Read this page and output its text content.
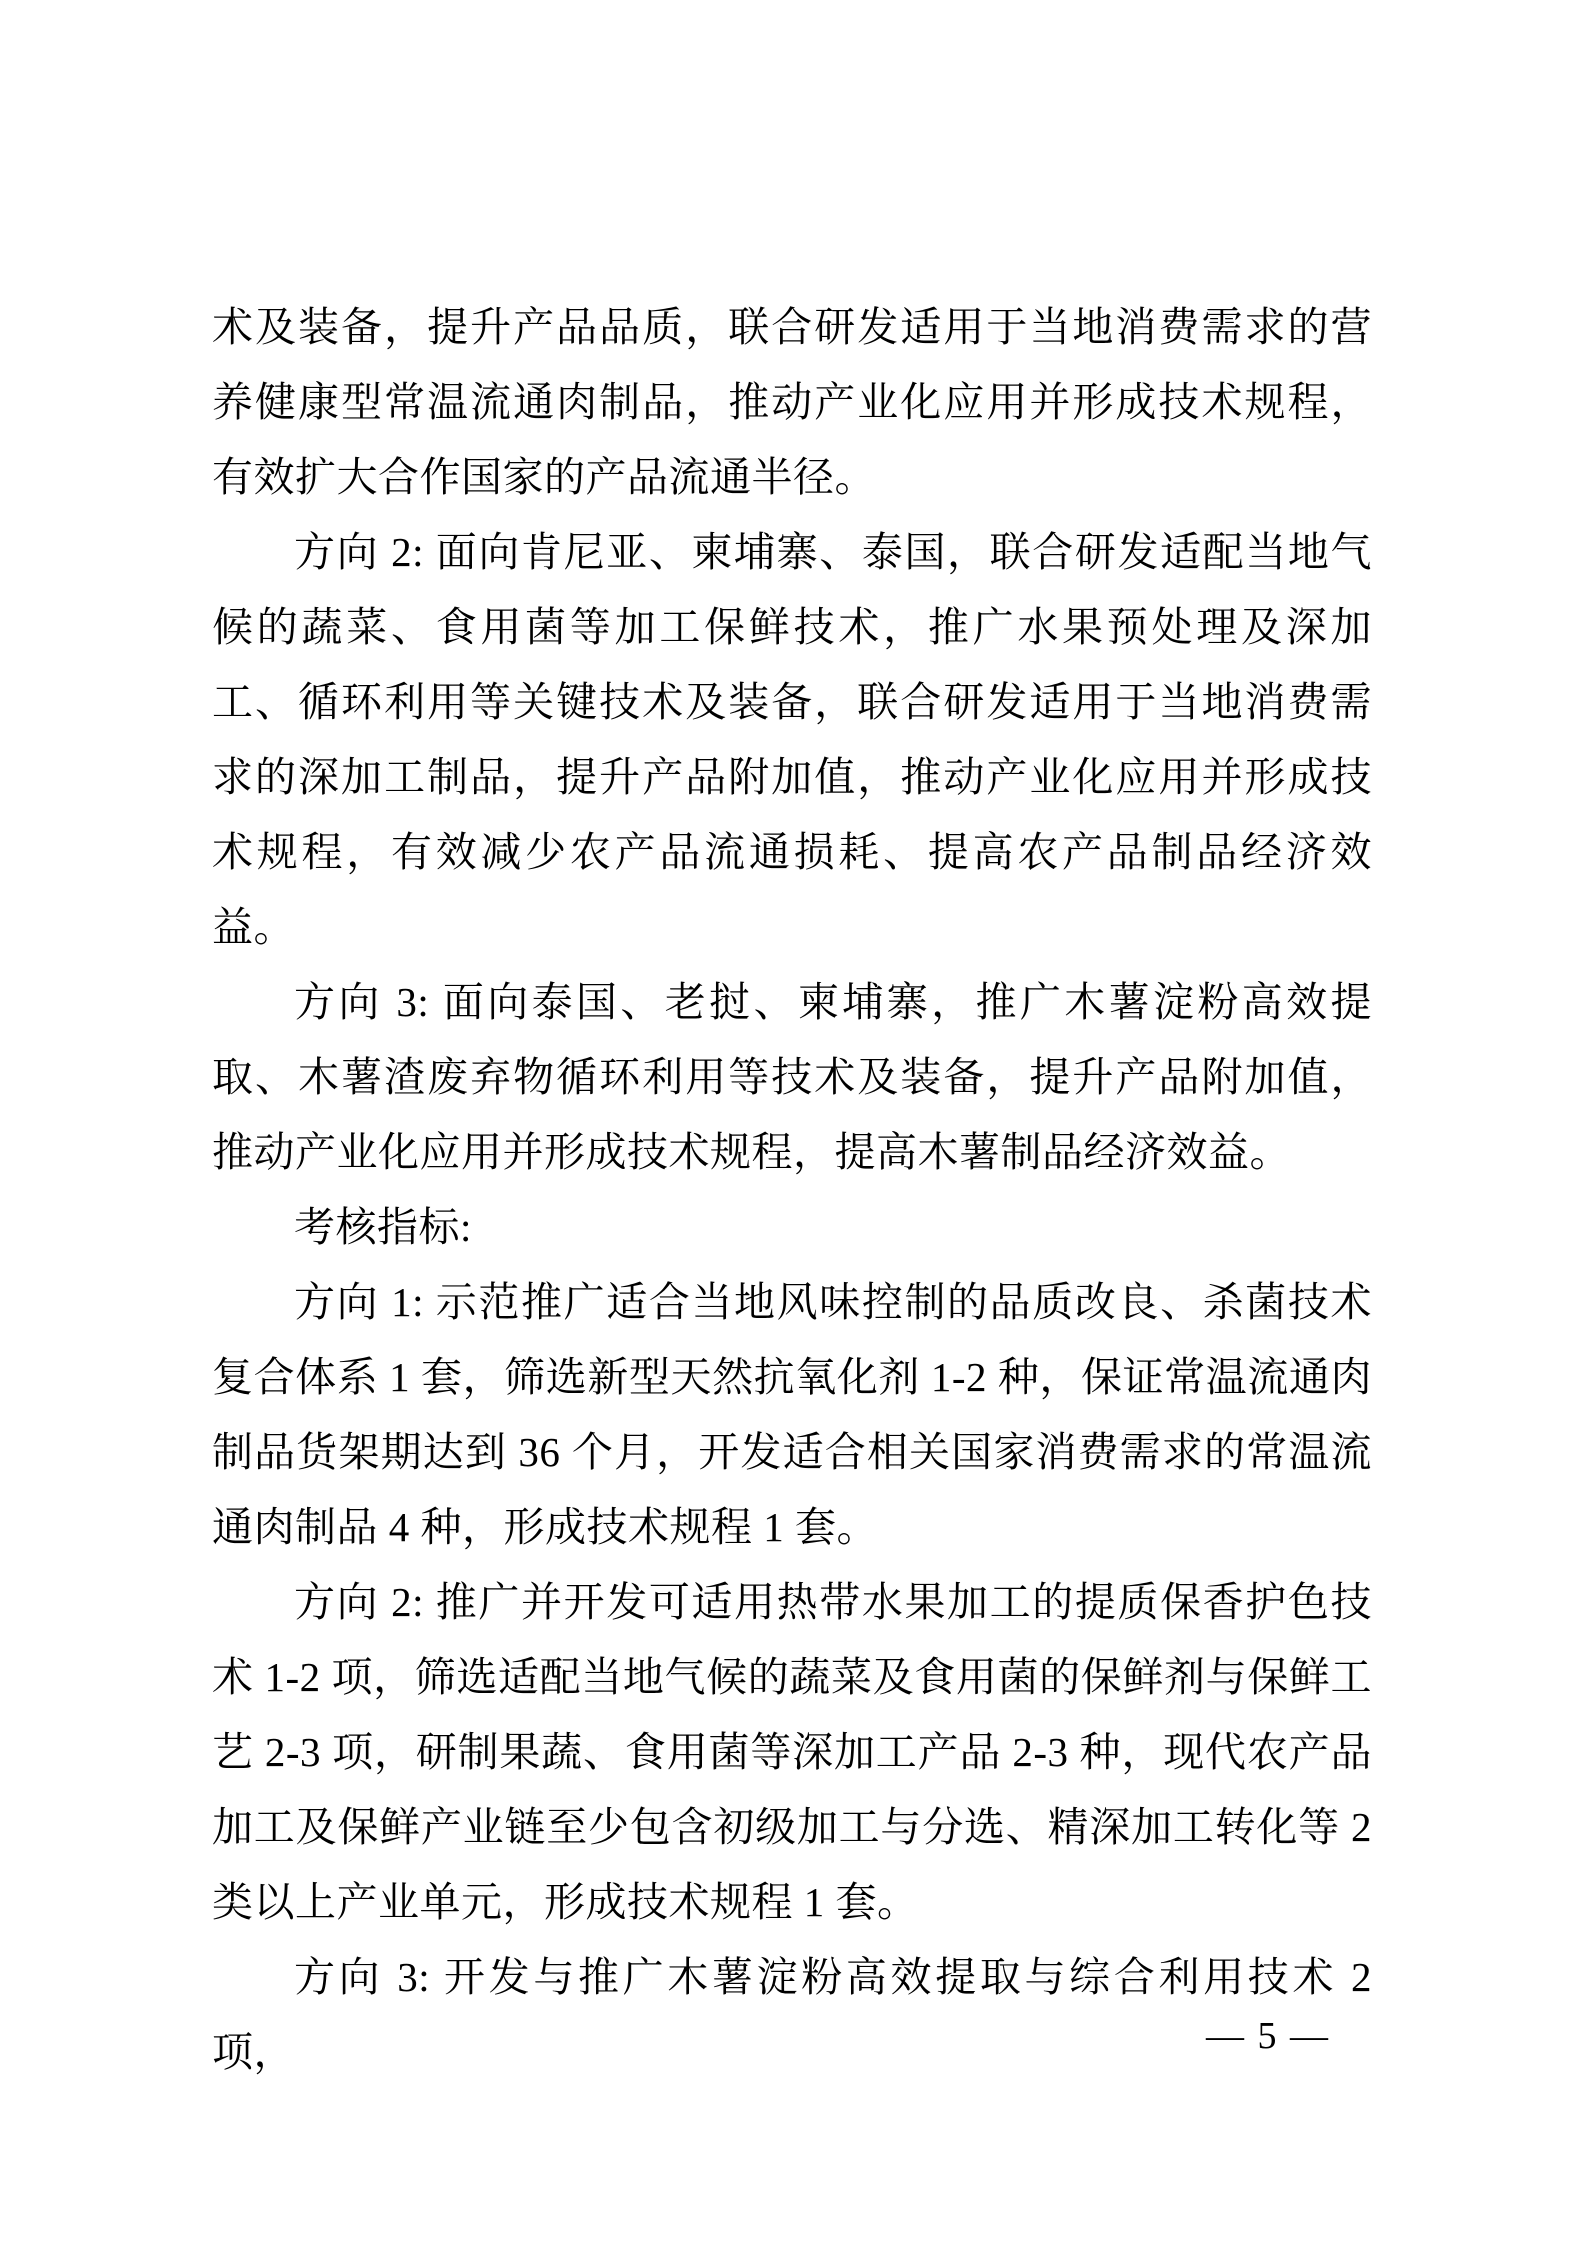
术及装备，提升产品品质，联合研发适用于当地消费需求的营养健康型常温流通肉制品，推动产业化应用并形成技术规程，有效扩大合作国家的产品流通半径。

方向 2: 面向肯尼亚、柬埔寨、泰国，联合研发适配当地气候的蔬菜、食用菌等加工保鲜技术，推广水果预处理及深加工、循环利用等关键技术及装备，联合研发适用于当地消费需求的深加工制品，提升产品附加值，推动产业化应用并形成技术规程，有效减少农产品流通损耗、提高农产品制品经济效益。

方向 3: 面向泰国、老挝、柬埔寨，推广木薯淀粉高效提取、木薯渣废弃物循环利用等技术及装备，提升产品附加值，推动产业化应用并形成技术规程，提高木薯制品经济效益。

考核指标:

方向 1: 示范推广适合当地风味控制的品质改良、杀菌技术复合体系 1 套，筛选新型天然抗氧化剂 1-2 种，保证常温流通肉制品货架期达到 36 个月，开发适合相关国家消费需求的常温流通肉制品 4 种，形成技术规程 1 套。

方向 2: 推广并开发可适用热带水果加工的提质保香护色技术 1-2 项，筛选适配当地气候的蔬菜及食用菌的保鲜剂与保鲜工艺 2-3 项，研制果蔬、食用菌等深加工产品 2-3 种，现代农产品加工及保鲜产业链至少包含初级加工与分选、精深加工转化等 2 类以上产业单元，形成技术规程 1 套。

方向 3: 开发与推广木薯淀粉高效提取与综合利用技术 2 项，	— 5 —
